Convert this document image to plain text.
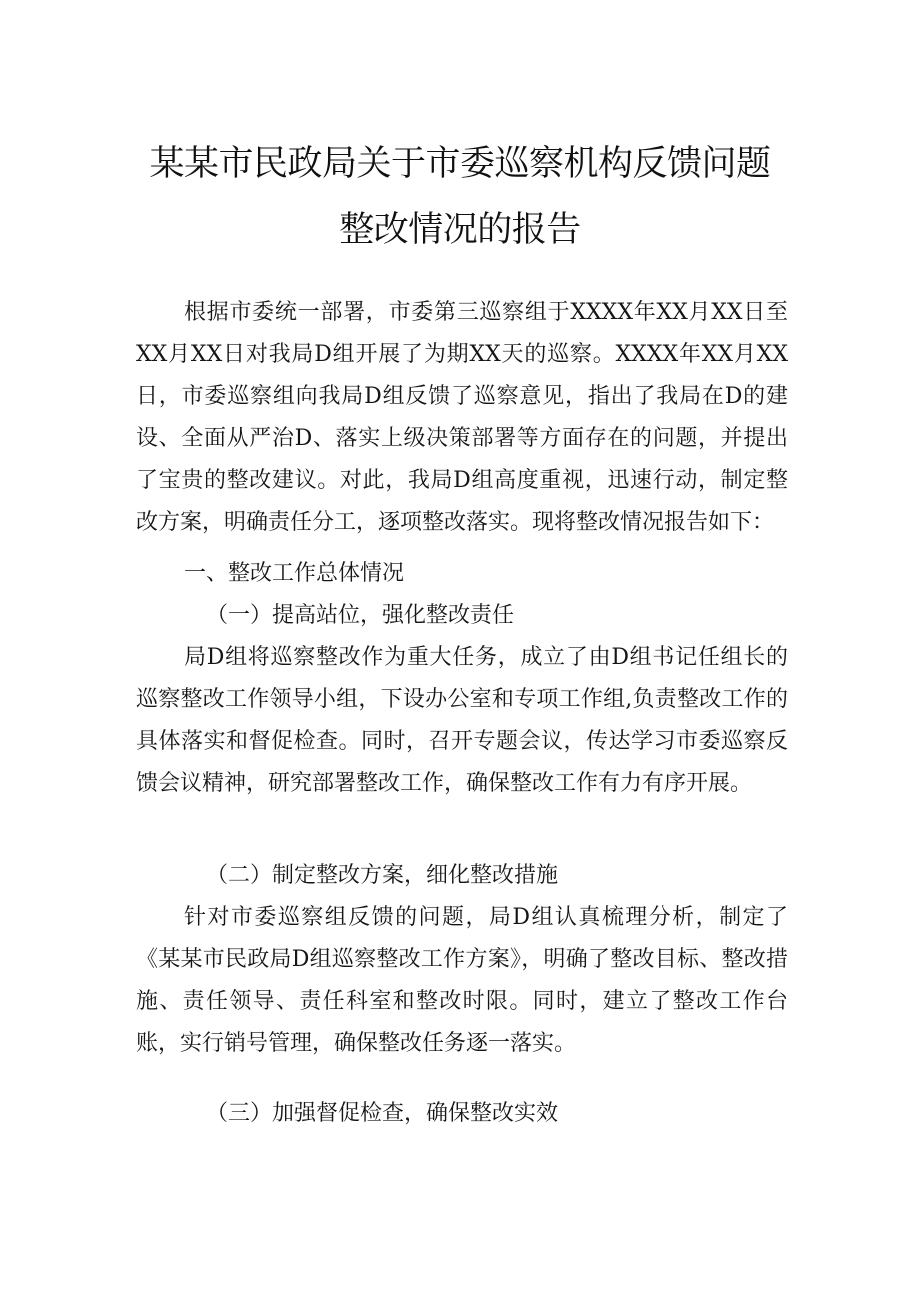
某某市民政局关于市委巡察机构反馈问题
整改情况的报告

根据市委统一部署，市委第三巡察组于XXXX年XX月XX日至XX月XX日对我局D组开展了为期XX天的巡察。XXXX年XX月XX日，市委巡察组向我局D组反馈了巡察意见，指出了我局在D的建设、全面从严治D、落实上级决策部署等方面存在的问题，并提出了宝贵的整改建议。对此，我局D组高度重视，迅速行动，制定整改方案，明确责任分工，逐项整改落实。现将整改情况报告如下：

一、整改工作总体情况

（一）提高站位，强化整改责任

局D组将巡察整改作为重大任务，成立了由D组书记任组长的巡察整改工作领导小组，下设办公室和专项工作组,负责整改工作的具体落实和督促检查。同时，召开专题会议，传达学习市委巡察反馈会议精神，研究部署整改工作，确保整改工作有力有序开展。

（二）制定整改方案，细化整改措施

针对市委巡察组反馈的问题，局D组认真梳理分析，制定了《某某市民政局D组巡察整改工作方案》，明确了整改目标、整改措施、责任领导、责任科室和整改时限。同时，建立了整改工作台账，实行销号管理，确保整改任务逐一落实。

（三）加强督促检查，确保整改实效
